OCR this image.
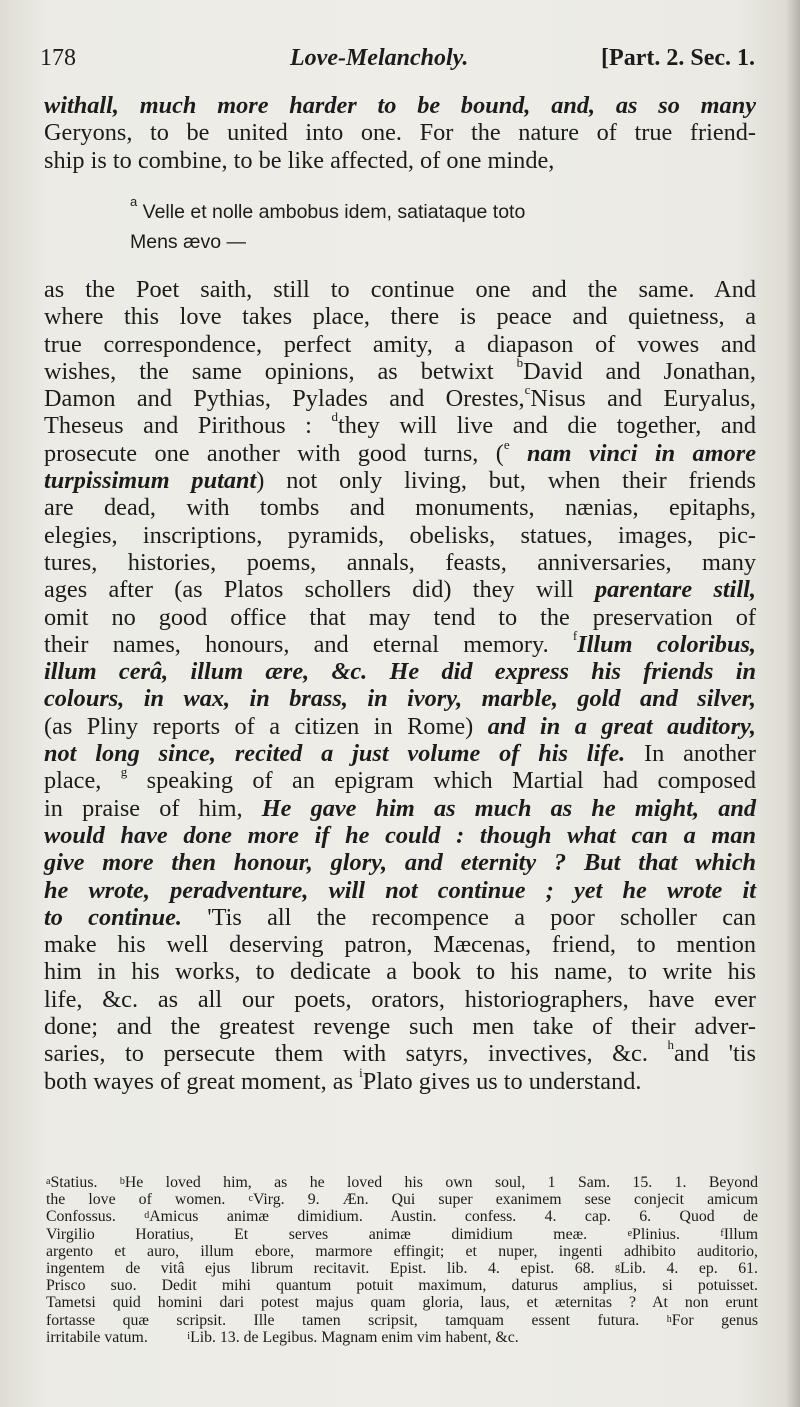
178	Love-Melancholy.	[Part. 2. Sec. 1.
withall, much more harder to be bound, and, as so many
Geryons, to be united into one. For the nature of true friend-
ship is to combine, to be like affected, of one minde,
$^a$ Velle et nolle ambobus idem, satiataque toto
Mens ævo —
as the Poet saith, still to continue one and the same. And
where this love takes place, there is peace and quietness, a
true correspondence, perfect amity, a diapason of vowes and
wishes, the same opinions, as betwixt $^b$David and Jonathan,
Damon and Pythias, Pylades and Orestes,$^c$Nisus and Euryalus,
Theseus and Pirithous : $^d$they will live and die together, and
prosecute one another with good turns, ($^e$ nam vinci in amore
turpissimum putant) not only living, but, when their friends
are dead, with tombs and monuments, nænias, epitaphs,
elegies, inscriptions, pyramids, obelisks, statues, images, pic-
tures, histories, poems, annals, feasts, anniversaries, many
ages after (as Platos schollers did) they will parentare still,
omit no good office that may tend to the preservation of
their names, honours, and eternal memory. $^f$Illum coloribus,
illum cerâ, illum ære, &c. He did express his friends in
colours, in wax, in brass, in ivory, marble, gold and silver,
(as Pliny reports of a citizen in Rome) and in a great auditory,
not long since, recited a just volume of his life. In another
place, $^g$ speaking of an epigram which Martial had composed
in praise of him, He gave him as much as he might, and
would have done more if he could : though what can a man
give more then honour, glory, and eternity ? But that which
he wrote, peradventure, will not continue ; yet he wrote it
to continue. 'Tis all the recompence a poor scholler can
make his well deserving patron, Mæcenas, friend, to mention
him in his works, to dedicate a book to his name, to write his
life, &c. as all our poets, orators, historiographers, have ever
done; and the greatest revenge such men take of their adver-
saries, to persecute them with satyrs, invectives, &c. $^h$and 'tis
both wayes of great moment, as $^i$Plato gives us to understand.
$^a$Statius. $^b$He loved him, as he loved his own soul, 1 Sam. 15. 1. Beyond
the love of women. $^c$Virg. 9. Æn. Qui super exanimem sese conjecit amicum
Confossus.	$^d$Amicus animæ dimidium. Austin. confess. 4. cap. 6. Quod de
Virgilio Horatius, Et serves animæ dimidium meæ.	$^e$Plinius.	$^f$Illum
argento et auro, illum ebore, marmore effingit; et nuper, ingenti adhibito auditorio,
ingentem de vitâ ejus librum recitavit. Epist. lib. 4. epist. 68. $^g$Lib. 4. ep. 61.
Prisco suo. Dedit mihi quantum potuit maximum, daturus amplius, si potuisset.
Tametsi quid homini dari potest majus quam gloria, laus, et æternitas ? At non erunt
fortasse quæ scripsit. Ille tamen scripsit, tamquam essent futura.	$^h$For genus
irritabile vatum.	$^i$Lib. 13. de Legibus. Magnam enim vim habent, &c.
